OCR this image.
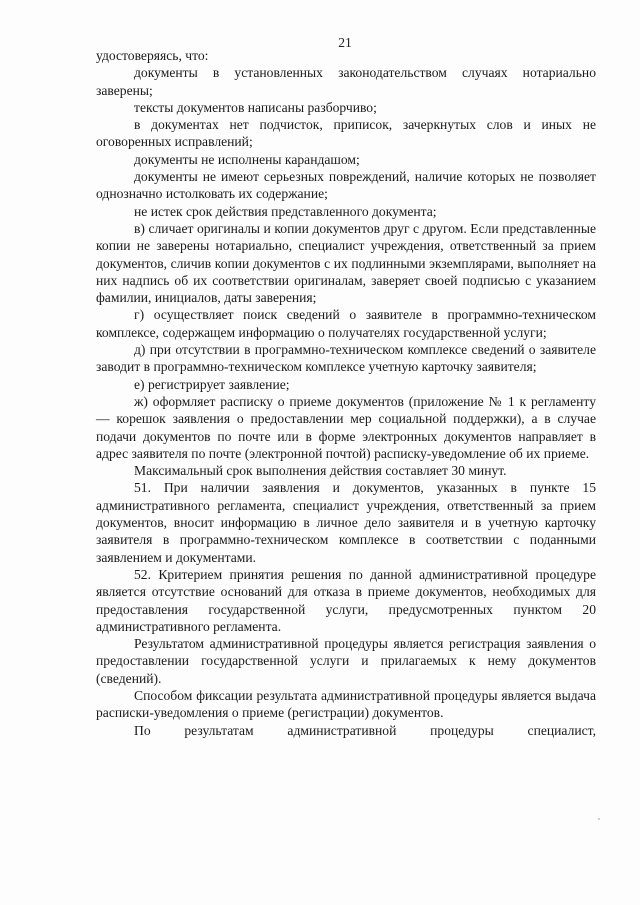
21

удостоверяясь, что:

документы в установленных законодательством случаях нотариально заверены;

тексты документов написаны разборчиво;

в документах нет подчисток, приписок, зачеркнутых слов и иных не оговоренных исправлений;

документы не исполнены карандашом;

документы не имеют серьезных повреждений, наличие которых не позволяет однозначно истолковать их содержание;

не истек срок действия представленного документа;

в) сличает оригиналы и копии документов друг с другом. Если представленные копии не заверены нотариально, специалист учреждения, ответственный за прием документов, сличив копии документов с их подлинными экземплярами, выполняет на них надпись об их соответствии оригиналам, заверяет своей подписью с указанием фамилии, инициалов, даты заверения;

г) осуществляет поиск сведений о заявителе в программно-техническом комплексе, содержащем информацию о получателях государственной услуги;

д) при отсутствии в программно-техническом комплексе сведений о заявителе заводит в программно-техническом комплексе учетную карточку заявителя;

е) регистрирует заявление;

ж) оформляет расписку о приеме документов (приложение № 1 к регламенту — корешок заявления о предоставлении мер социальной поддержки), а в случае подачи документов по почте или в форме электронных документов направляет в адрес заявителя по почте (электронной почтой) расписку-уведомление об их приеме.

Максимальный срок выполнения действия составляет 30 минут.

51. При наличии заявления и документов, указанных в пункте 15 административного регламента, специалист учреждения, ответственный за прием документов, вносит информацию в личное дело заявителя и в учетную карточку заявителя в программно-техническом комплексе в соответствии с поданными заявлением и документами.

52. Критерием принятия решения по данной административной процедуре является отсутствие оснований для отказа в приеме документов, необходимых для предоставления государственной услуги, предусмотренных пунктом 20 административного регламента.

Результатом административной процедуры является регистрация заявления о предоставлении государственной услуги и прилагаемых к нему документов (сведений).

Способом фиксации результата административной процедуры является выдача расписки-уведомления о приеме (регистрации) документов.

По результатам административной процедуры специалист,
